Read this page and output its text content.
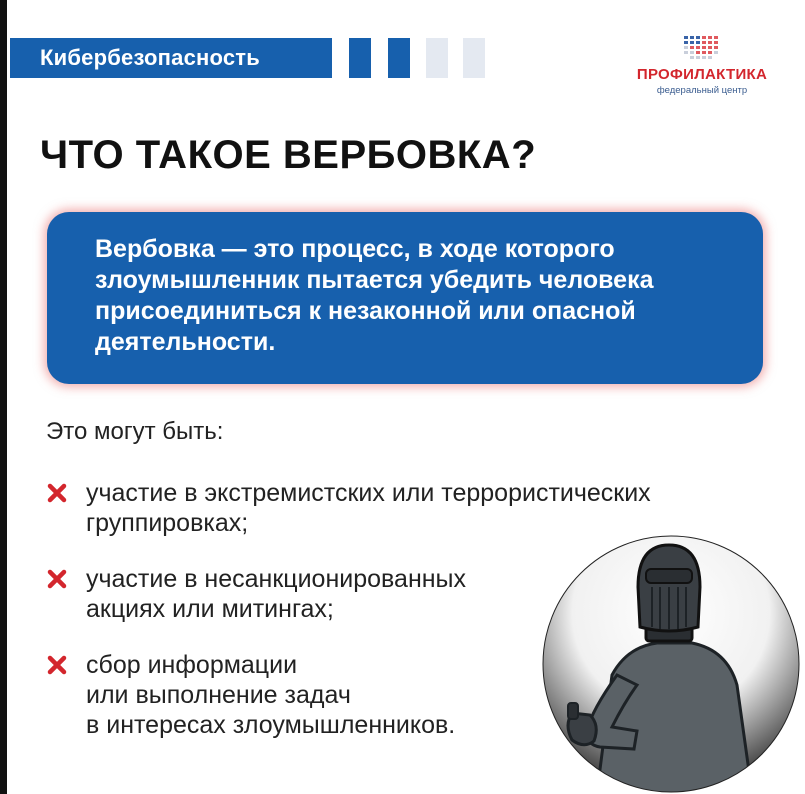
Кибербезопасность
ПРОФИЛАКТИКА
федеральный центр
ЧТО ТАКОЕ ВЕРБОВКА?
Вербовка — это процесс, в ходе которого злоумышленник пытается убедить человека присоединиться к незаконной или опасной деятельности.
Это могут быть:
участие в экстремистских или террористических
группировках;
участие в несанкционированных
акциях или митингах;
сбор информации
или выполнение задач
в интересах злоумышленников.
